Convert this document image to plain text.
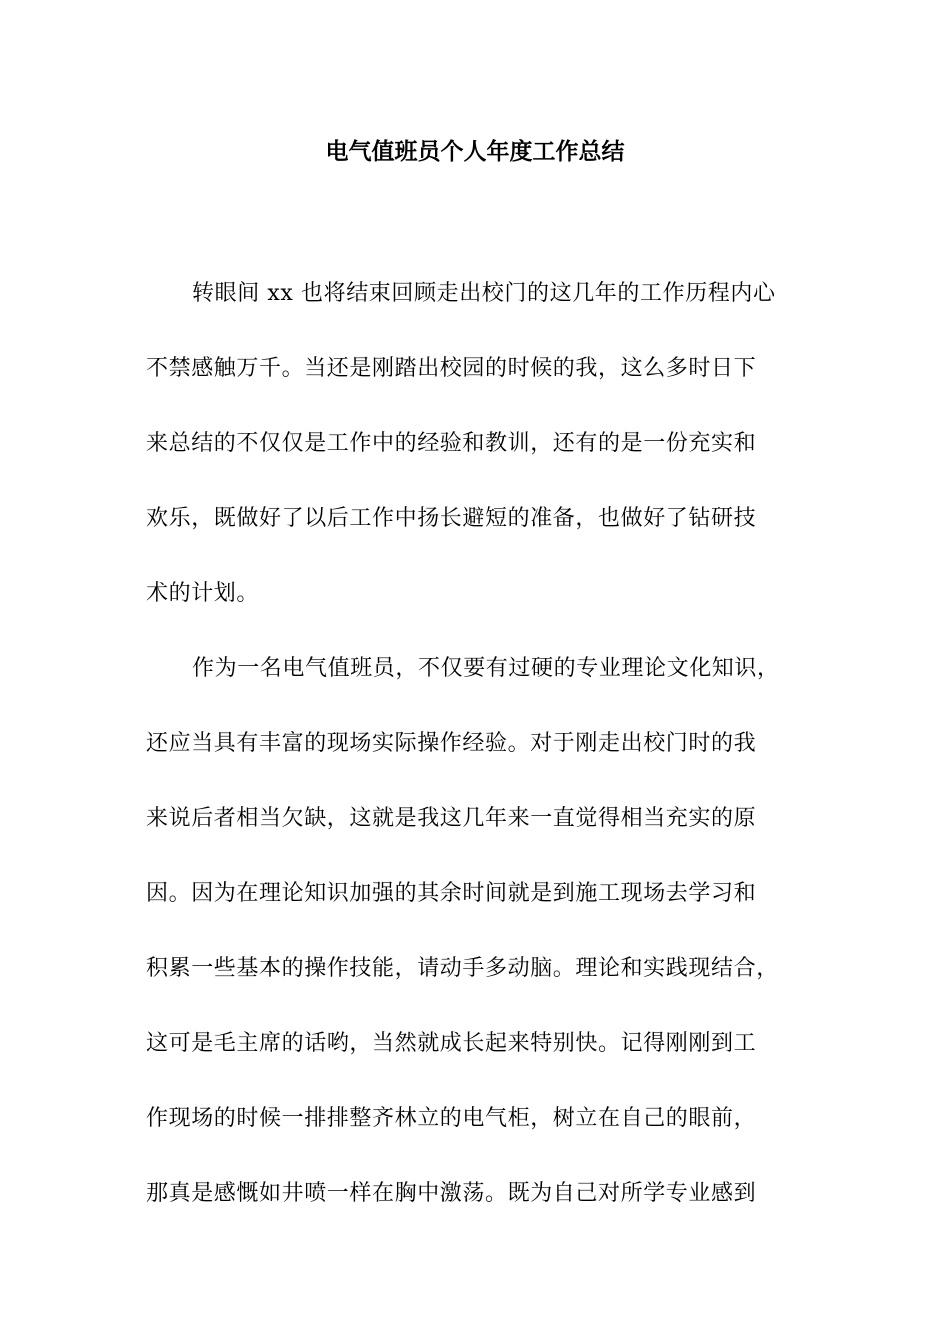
电气值班员个人年度工作总结
转眼间 xx 也将结束回顾走出校门的这几年的工作历程内心
不禁感触万千。当还是刚踏出校园的时候的我，这么多时日下
来总结的不仅仅是工作中的经验和教训，还有的是一份充实和
欢乐，既做好了以后工作中扬长避短的准备，也做好了钻研技
术的计划。
作为一名电气值班员，不仅要有过硬的专业理论文化知识，
还应当具有丰富的现场实际操作经验。对于刚走出校门时的我
来说后者相当欠缺，这就是我这几年来一直觉得相当充实的原
因。因为在理论知识加强的其余时间就是到施工现场去学习和
积累一些基本的操作技能，请动手多动脑。理论和实践现结合，
这可是毛主席的话哟，当然就成长起来特别快。记得刚刚到工
作现场的时候一排排整齐林立的电气柜，树立在自己的眼前，
那真是感慨如井喷一样在胸中激荡。既为自己对所学专业感到
